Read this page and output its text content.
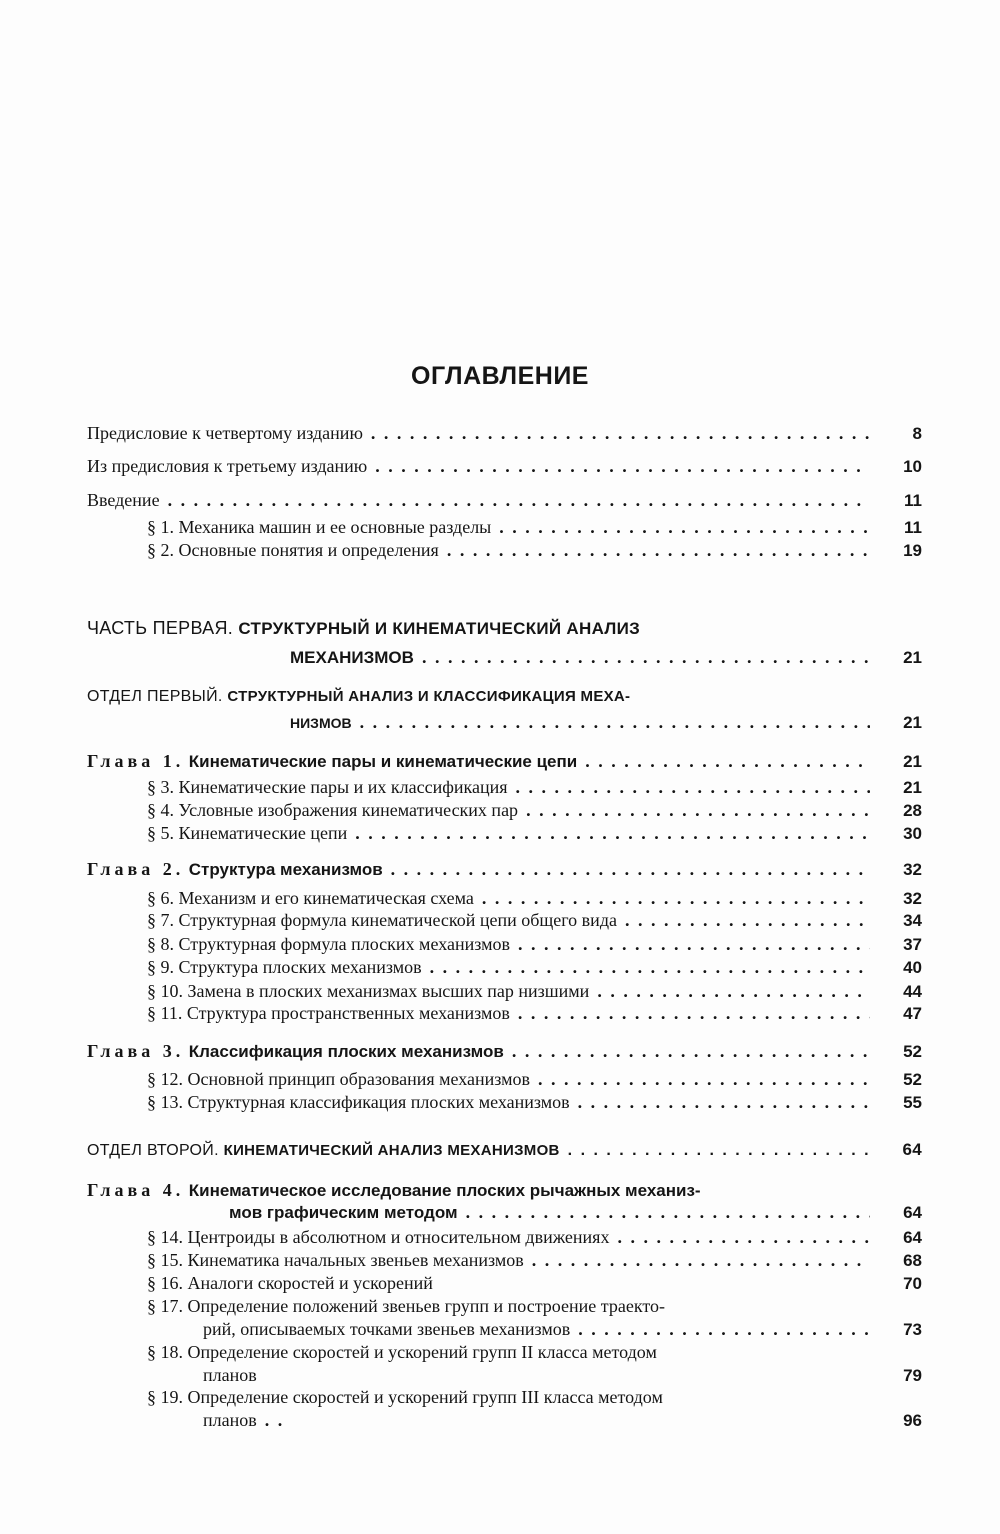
ОГЛАВЛЕНИЕ
Предисловие к четвертому изданию . . .	8
Из предисловия к третьему изданию . . .	10
Введение . . .	11
§ 1. Механика машин и ее основные разделы . . .	11
§ 2. Основные понятия и определения . . .	19
ЧАСТЬ ПЕРВАЯ.
СТРУКТУРНЫЙ И КИНЕМАТИЧЕСКИЙ АНАЛИЗ
МЕХАНИЗМОВ . . .	21
ОТДЕЛ ПЕРВЫЙ.
СТРУКТУРНЫЙ АНАЛИЗ И КЛАССИФИКАЦИЯ МЕХА-
НИЗМОВ . . .	21
Глава 1.
Кинематические пары и кинематические цепи . . .	21
§ 3. Кинематические пары и их классификация . . .	21
§ 4. Условные изображения кинематических пар . . .	28
§ 5. Кинематические цепи . . .	30
Глава 2.
Структура механизмов . . .	32
§ 6. Механизм и его кинематическая схема . . .	32
§ 7. Структурная формула кинематической цепи общего вида . . .	34
§ 8. Структурная формула плоских механизмов . . .	37
§ 9. Структура плоских механизмов . . .	40
§ 10. Замена в плоских механизмах высших пар низшими . . .	44
§ 11. Структура пространственных механизмов . . .	47
Глава 3.
Классификация плоских механизмов . . .	52
§ 12. Основной принцип образования механизмов . . .	52
§ 13. Структурная классификация плоских механизмов . . .	55
ОТДЕЛ ВТОРОЙ.
КИНЕМАТИЧЕСКИЙ АНАЛИЗ МЕХАНИЗМОВ . . .	64
Глава 4.
Кинематическое исследование плоских рычажных механиз-
мов графическим методом . . .	64
§ 14. Центроиды в абсолютном и относительном движениях . . .	64
§ 15. Кинематика начальных звеньев механизмов . . .	68
§ 16. Аналоги скоростей и ускорений	70
§ 17. Определение положений звеньев групп и построение траекто-
рий, описываемых точками звеньев механизмов . . .	73
§ 18. Определение скоростей и ускорений групп II класса методом
планов	79
§ 19. Определение скоростей и ускорений групп III класса методом
планов . . .	96
